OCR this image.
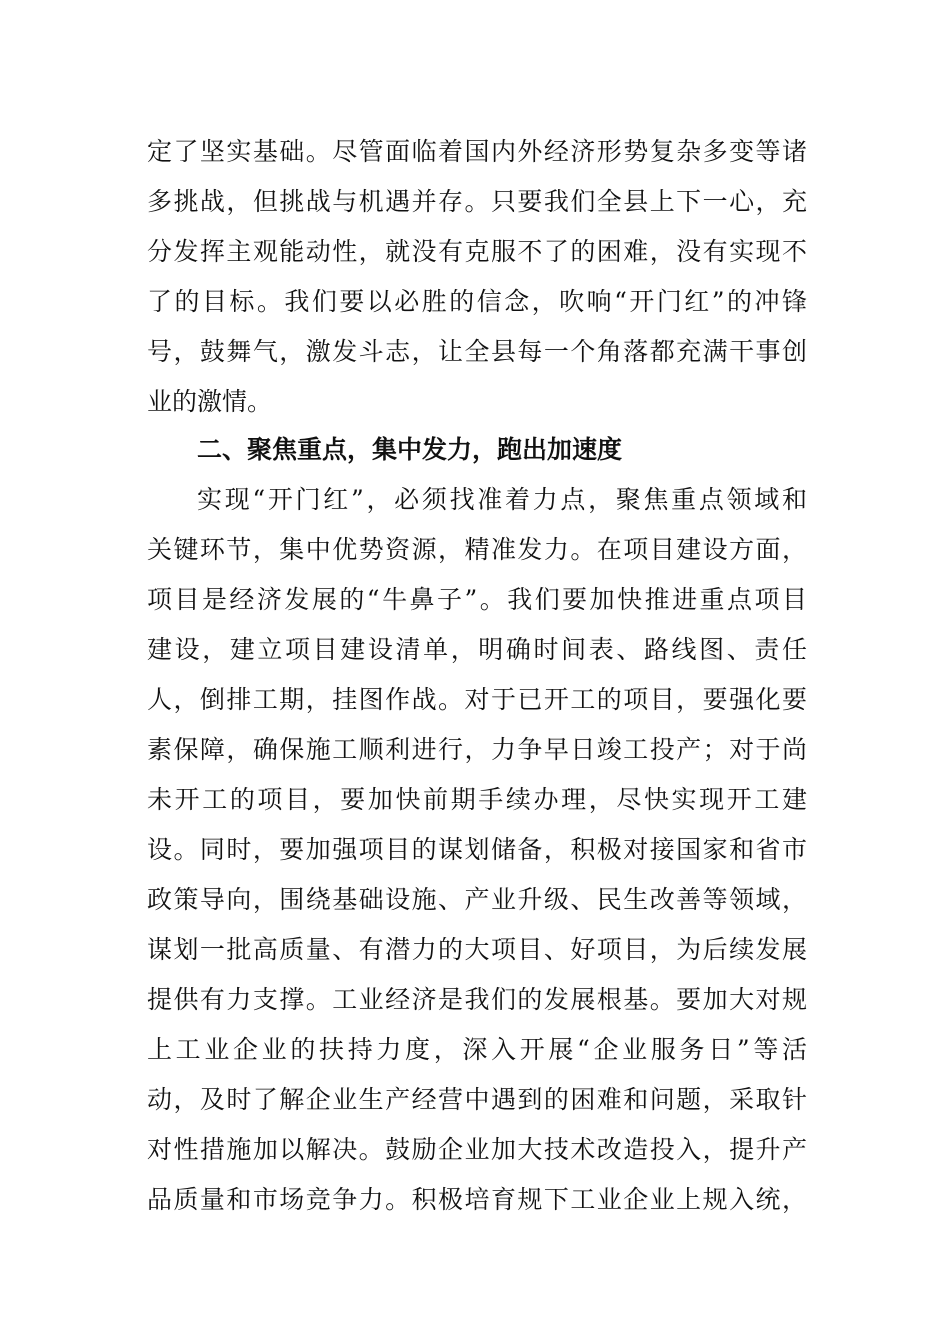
定了坚实基础。尽管面临着国内外经济形势复杂多变等诸
多挑战，但挑战与机遇并存。只要我们全县上下一心，充
分发挥主观能动性，就没有克服不了的困难，没有实现不
了的目标。我们要以必胜的信念，吹响“开门红”的冲锋
号，鼓舞气，激发斗志，让全县每一个角落都充满干事创
业的激情。
二、聚焦重点，集中发力，跑出加速度
实现“开门红”，必须找准着力点，聚焦重点领域和
关键环节，集中优势资源，精准发力。在项目建设方面，
项目是经济发展的“牛鼻子”。我们要加快推进重点项目
建设，建立项目建设清单，明确时间表、路线图、责任
人，倒排工期，挂图作战。对于已开工的项目，要强化要
素保障，确保施工顺利进行，力争早日竣工投产；对于尚
未开工的项目，要加快前期手续办理，尽快实现开工建
设。同时，要加强项目的谋划储备，积极对接国家和省市
政策导向，围绕基础设施、产业升级、民生改善等领域，
谋划一批高质量、有潜力的大项目、好项目，为后续发展
提供有力支撑。工业经济是我们的发展根基。要加大对规
上工业企业的扶持力度，深入开展“企业服务日”等活
动，及时了解企业生产经营中遇到的困难和问题，采取针
对性措施加以解决。鼓励企业加大技术改造投入，提升产
品质量和市场竞争力。积极培育规下工业企业上规入统，
